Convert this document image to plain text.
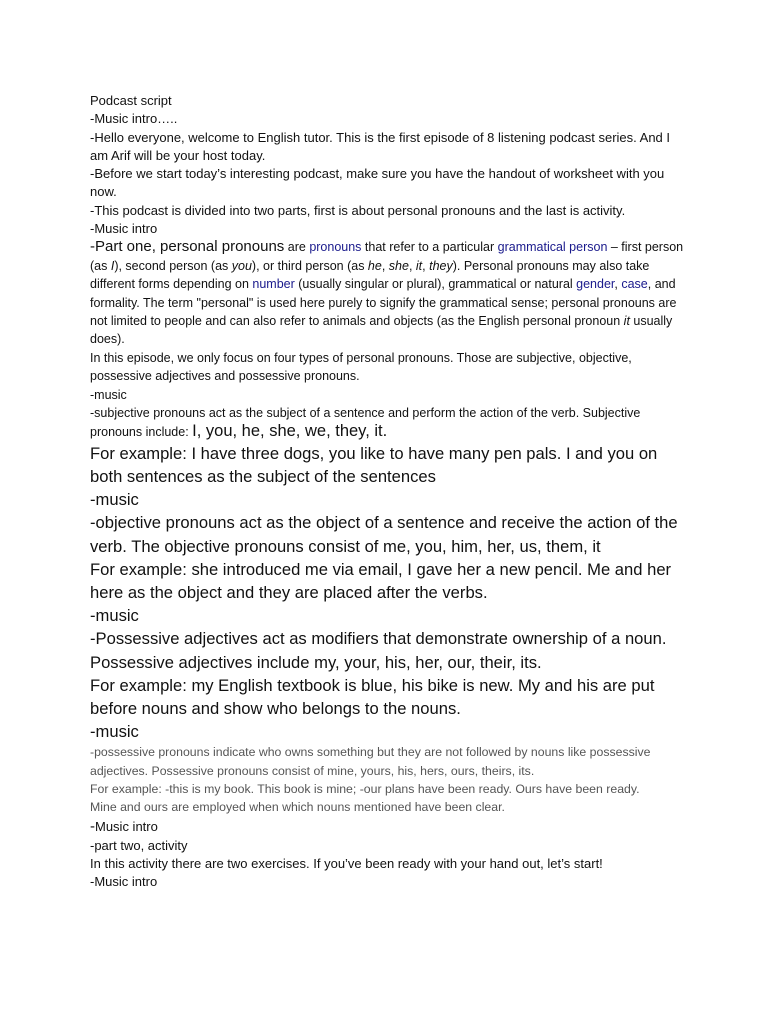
Podcast script

-Music intro…..

-Hello everyone, welcome to English tutor. This is the first episode of 8 listening podcast series. And I am Arif will be your host today.

-Before we start today’s interesting podcast, make sure you have the handout of worksheet with you now.

-This podcast is divided into two parts, first is about personal pronouns and the last is activity.

-Music intro

-Part one, personal pronouns are pronouns that refer to a particular grammatical person – first person (as I), second person (as you), or third person (as he, she, it, they). Personal pronouns may also take different forms depending on number (usually singular or plural), grammatical or natural gender, case, and formality. The term "personal" is used here purely to signify the grammatical sense; personal pronouns are not limited to people and can also refer to animals and objects (as the English personal pronoun it usually does).

In this episode, we only focus on four types of personal pronouns. Those are subjective, objective, possessive adjectives and possessive pronouns.

-music

-subjective pronouns act as the subject of a sentence and perform the action of the verb. Subjective pronouns include: I, you, he, she, we, they, it.

For example: I have three dogs, you like to have many pen pals. I and you on both sentences as the subject of the sentences

-music

-objective pronouns act as the object of a sentence and receive the action of the verb. The objective pronouns consist of me, you, him, her, us, them, it

For example: she introduced me via email, I gave her a new pencil. Me and her here as the object and they are placed after the verbs.

-music

-Possessive adjectives act as modifiers that demonstrate ownership of a noun. Possessive adjectives include my, your, his, her, our, their, its.

For example: my English textbook is blue, his bike is new. My and his are put before nouns and show who belongs to the nouns.

-music

-possessive pronouns indicate who owns something but they are not followed by nouns like possessive adjectives. Possessive pronouns consist of mine, yours, his, hers, ours, theirs, its.

For example: -this is my book. This book is mine; -our plans have been ready. Ours have been ready.

Mine and ours are employed when which nouns mentioned have been clear.

-Music intro

-part two, activity

In this activity there are two exercises. If you’ve been ready with your hand out, let’s start!

-Music intro
